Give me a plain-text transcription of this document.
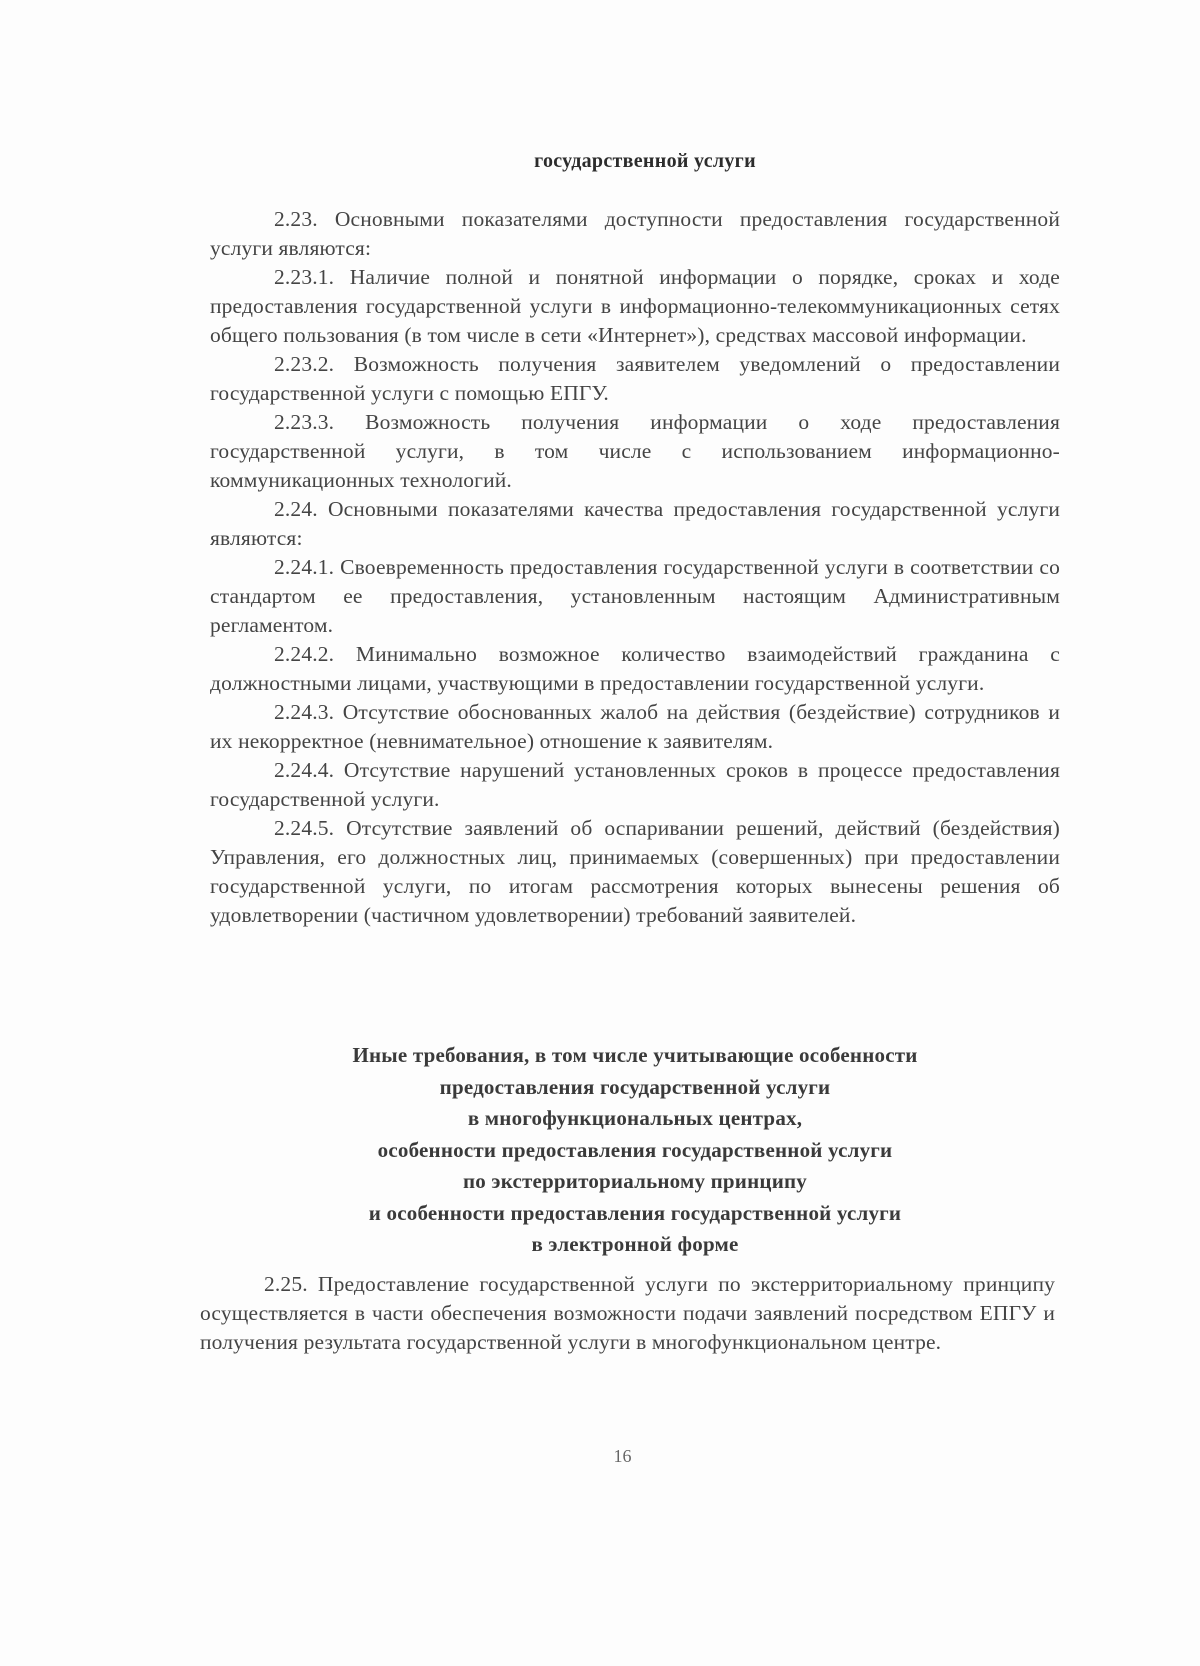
государственной услуги

2.23. Основными показателями доступности предоставления государственной услуги являются:

2.23.1. Наличие полной и понятной информации о порядке, сроках и ходе предоставления государственной услуги в информационно-телекоммуникационных сетях общего пользования (в том числе в сети «Интернет»), средствах массовой информации.

2.23.2. Возможность получения заявителем уведомлений о предоставлении государственной услуги с помощью ЕПГУ.

2.23.3. Возможность получения информации о ходе предоставления государственной услуги, в том числе с использованием информационно-коммуникационных технологий.

2.24. Основными показателями качества предоставления государственной услуги являются:

2.24.1. Своевременность предоставления государственной услуги в соответствии со стандартом ее предоставления, установленным настоящим Административным регламентом.

2.24.2. Минимально возможное количество взаимодействий гражданина с должностными лицами, участвующими в предоставлении государственной услуги.

2.24.3. Отсутствие обоснованных жалоб на действия (бездействие) сотрудников и их некорректное (невнимательное) отношение к заявителям.

2.24.4. Отсутствие нарушений установленных сроков в процессе предоставления государственной услуги.

2.24.5. Отсутствие заявлений об оспаривании решений, действий (бездействия) Управления, его должностных лиц, принимаемых (совершенных) при предоставлении государственной услуги, по итогам рассмотрения которых вынесены решения об удовлетворении (частичном удовлетворении) требований заявителей.

Иные требования, в том числе учитывающие особенности
предоставления государственной услуги
в многофункциональных центрах,
особенности предоставления государственной услуги
по экстерриториальному принципу
и особенности предоставления государственной услуги
в электронной форме

2.25. Предоставление государственной услуги по экстерриториальному принципу осуществляется в части обеспечения возможности подачи заявлений посредством ЕПГУ и получения результата государственной услуги в многофункциональном центре.

16
